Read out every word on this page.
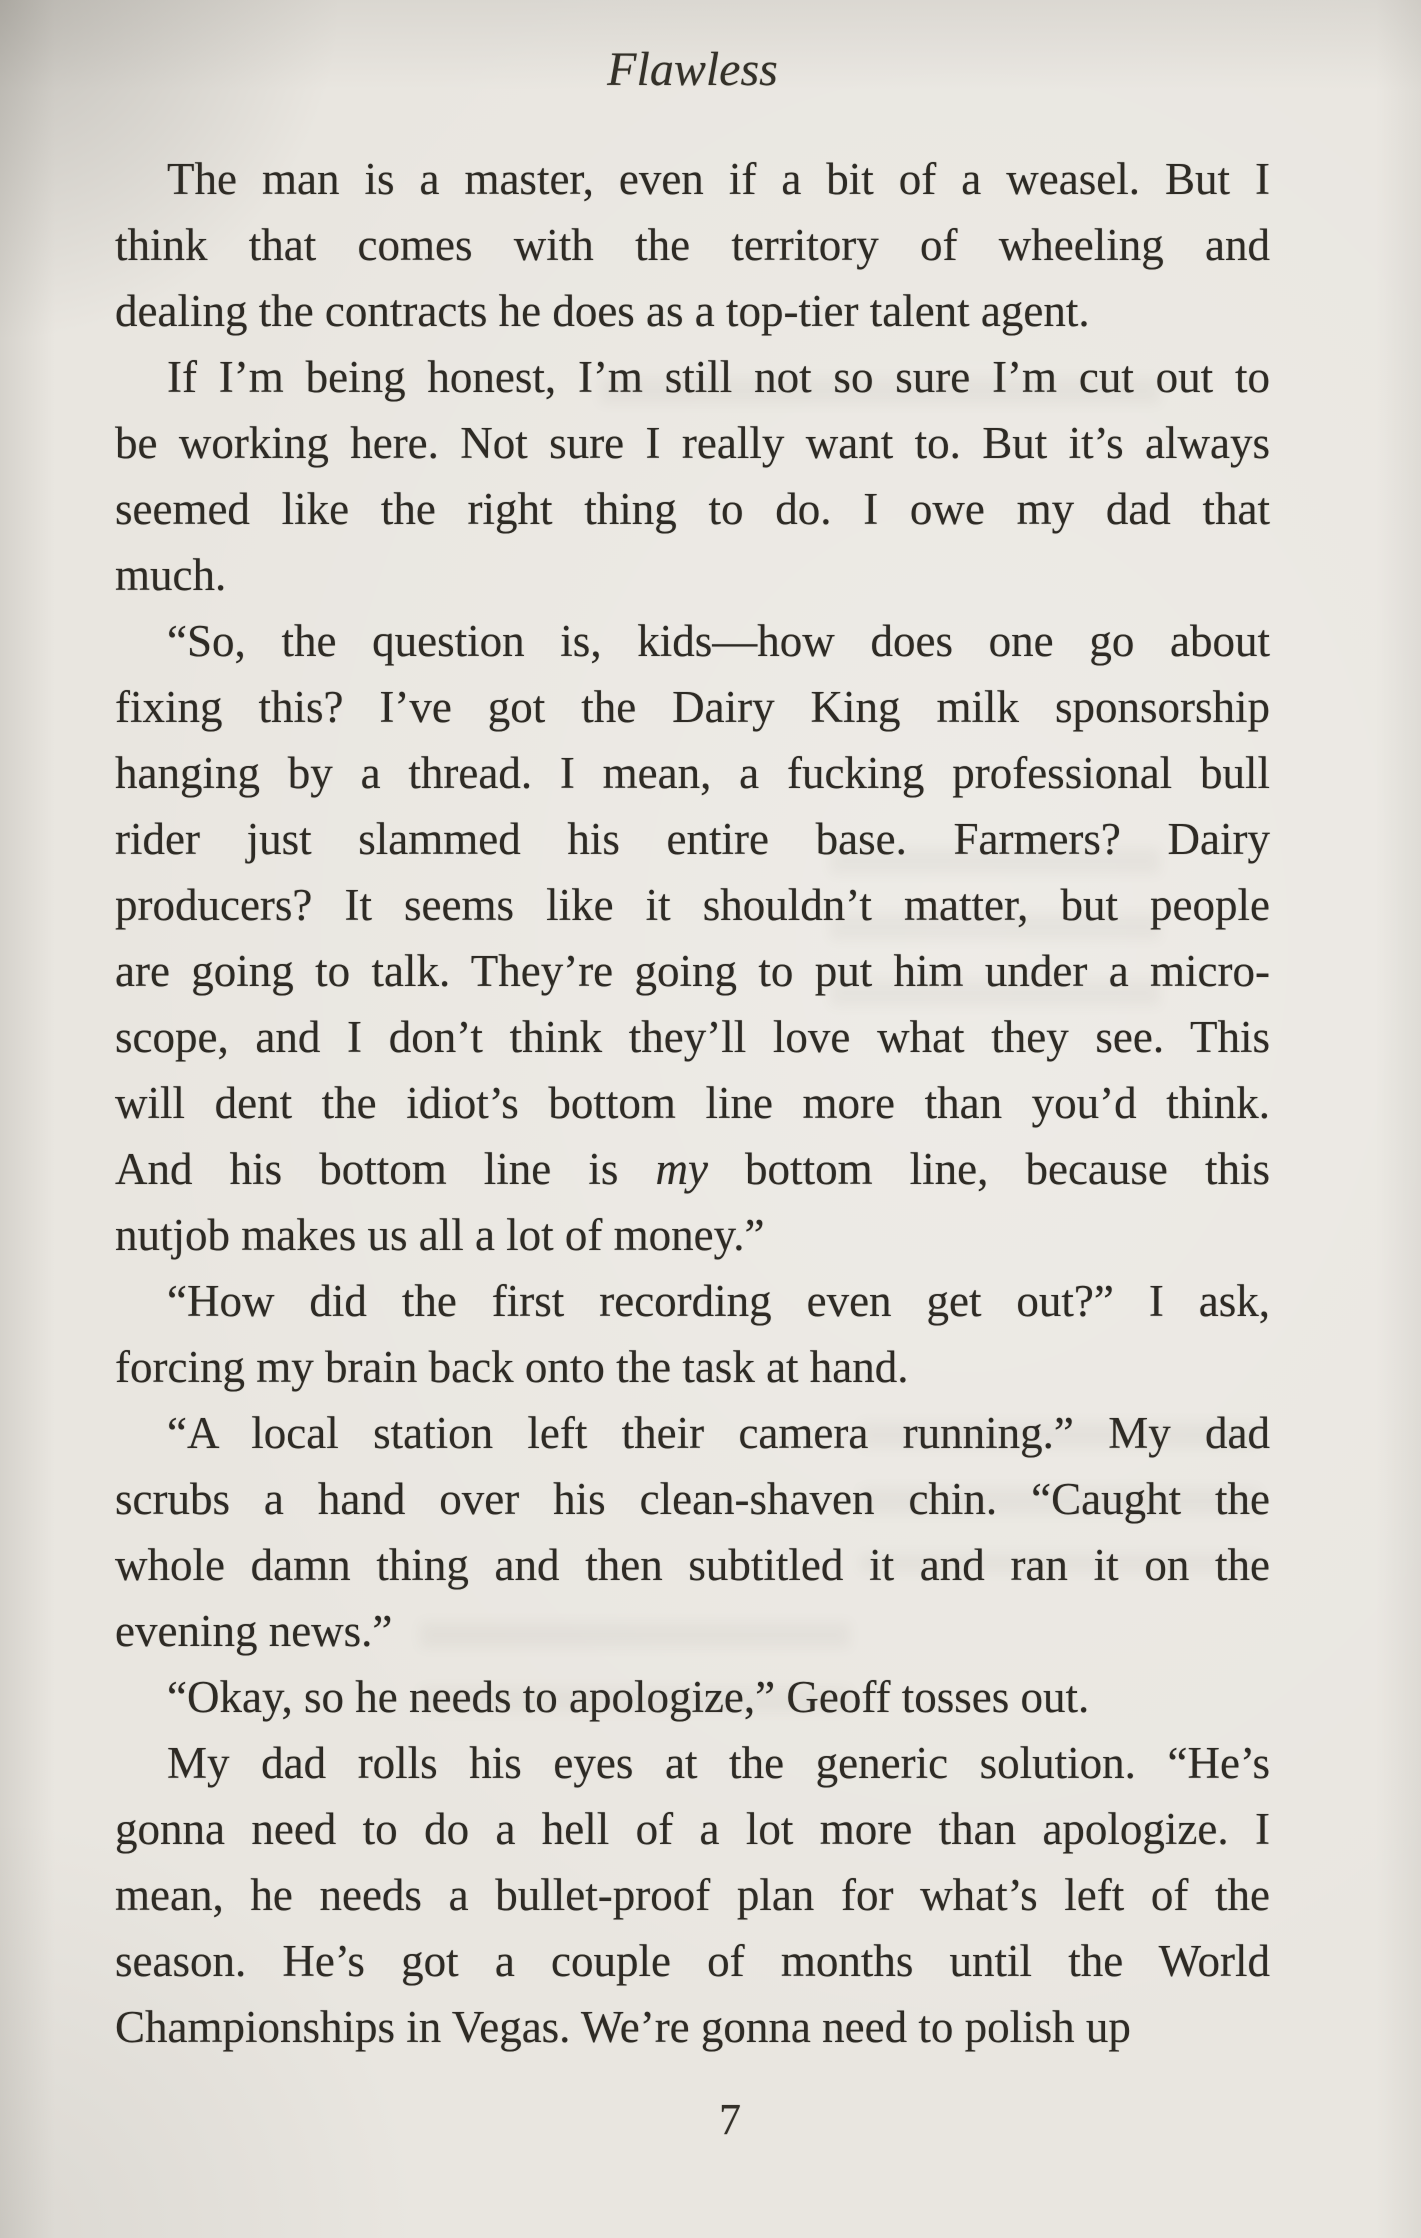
Flawless
The man is a master, even if a bit of a weasel. But I
think that comes with the territory of wheeling and
dealing the contracts he does as a top-tier talent agent.
If I’m being honest, I’m still not so sure I’m cut out to
be working here. Not sure I really want to. But it’s always
seemed like the right thing to do. I owe my dad that
much.
“So, the question is, kids—how does one go about
fixing this? I’ve got the Dairy King milk sponsorship
hanging by a thread. I mean, a fucking professional bull
rider just slammed his entire base. Farmers? Dairy
producers? It seems like it shouldn’t matter, but people
are going to talk. They’re going to put him under a micro-
scope, and I don’t think they’ll love what they see. This
will dent the idiot’s bottom line more than you’d think.
And his bottom line is my bottom line, because this
nutjob makes us all a lot of money.”
“How did the first recording even get out?” I ask,
forcing my brain back onto the task at hand.
“A local station left their camera running.” My dad
scrubs a hand over his clean-shaven chin. “Caught the
whole damn thing and then subtitled it and ran it on the
evening news.”
“Okay, so he needs to apologize,” Geoff tosses out.
My dad rolls his eyes at the generic solution. “He’s
gonna need to do a hell of a lot more than apologize. I
mean, he needs a bullet-proof plan for what’s left of the
season. He’s got a couple of months until the World
Championships in Vegas. We’re gonna need to polish up
7
